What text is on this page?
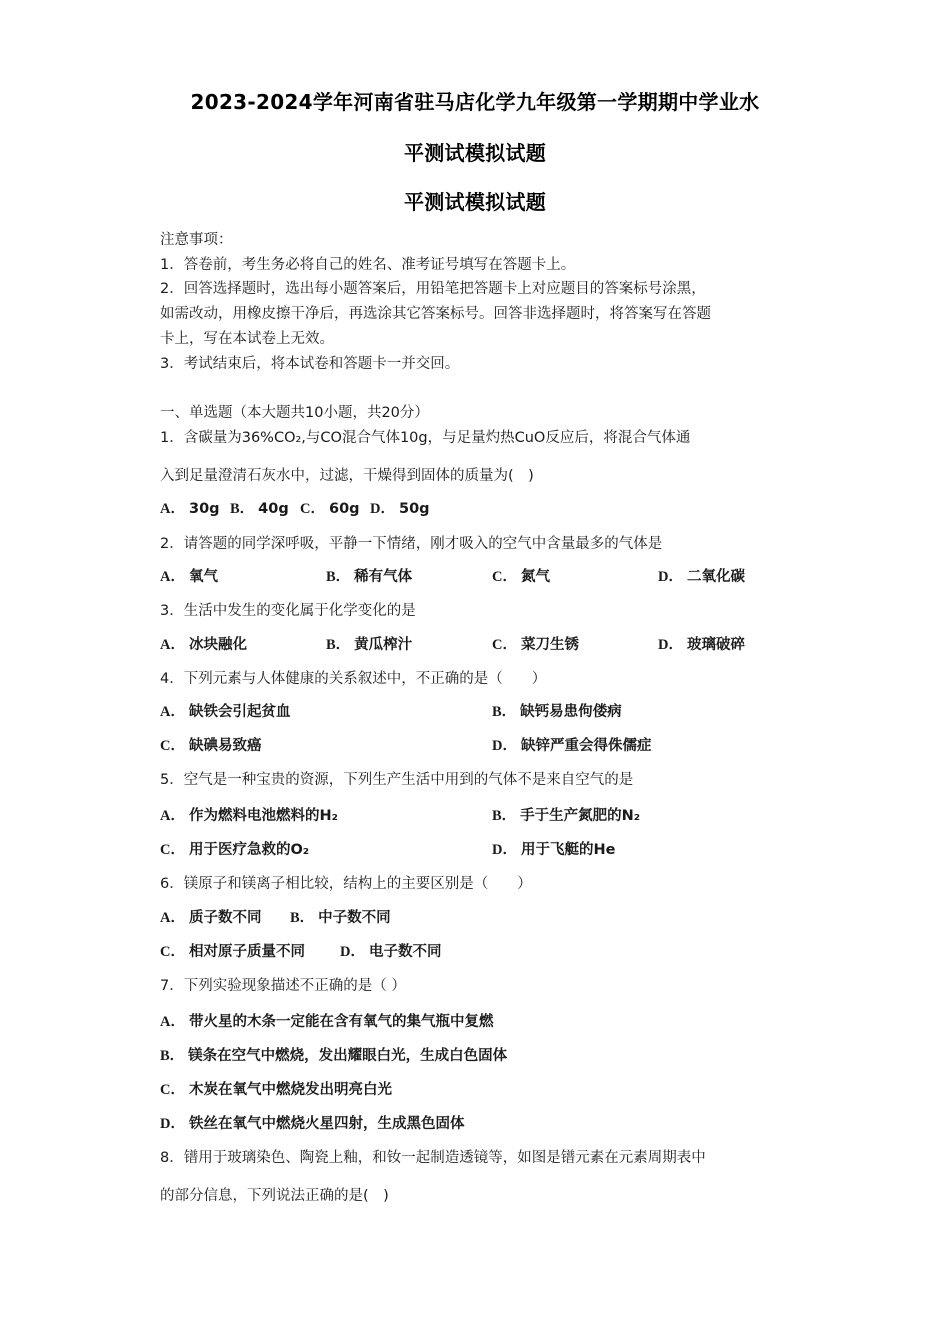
2023-2024学年河南省驻马店化学九年级第一学期期中学业水
平测试模拟试题
平测试模拟试题
注意事项：
1．答卷前，考生务必将自己的姓名、准考证号填写在答题卡上。
2．回答选择题时，选出每小题答案后，用铅笔把答题卡上对应题目的答案标号涂黑，
如需改动，用橡皮擦干净后，再选涂其它答案标号。回答非选择题时，将答案写在答题
卡上，写在本试卷上无效。
3．考试结束后，将本试卷和答题卡一并交回。
一、单选题（本大题共10小题，共20分）
1．含碳量为36%CO₂,与CO混合气体10g，与足量灼热CuO反应后，将混合气体通
入到足量澄清石灰水中，过滤，干燥得到固体的质量为(　)
A． 30g B． 40g C． 60g D． 50g
2．请答题的同学深呼吸，平静一下情绪，刚才吸入的空气中含量最多的气体是
A． 氧气	B． 稀有气体	C． 氮气	D． 二氧化碳
3．生活中发生的变化属于化学变化的是
A． 冰块融化	B． 黄瓜榨汁	C． 菜刀生锈	D． 玻璃破碎
4．下列元素与人体健康的关系叙述中，不正确的是（　　）
A． 缺铁会引起贫血	B． 缺钙易患佝偻病
C． 缺碘易致癌	D． 缺锌严重会得侏儒症
5．空气是一种宝贵的资源，下列生产生活中用到的气体不是来自空气的是
A． 作为燃料电池燃料的H₂	B． 手于生产氮肥的N₂
C． 用于医疗急救的O₂	D． 用于飞艇的He
6．镁原子和镁离子相比较，结构上的主要区别是（　　）
A． 质子数不同 B． 中子数不同
C． 相对原子质量不同 D． 电子数不同
7．下列实验现象描述不正确的是（ ）
A． 带火星的木条一定能在含有氧气的集气瓶中复燃
B． 镁条在空气中燃烧，发出耀眼白光，生成白色固体
C． 木炭在氧气中燃烧发出明亮白光
D． 铁丝在氧气中燃烧火星四射，生成黑色固体
8．镨用于玻璃染色、陶瓷上釉，和钕一起制造透镜等，如图是镨元素在元素周期表中
的部分信息，下列说法正确的是(　)
